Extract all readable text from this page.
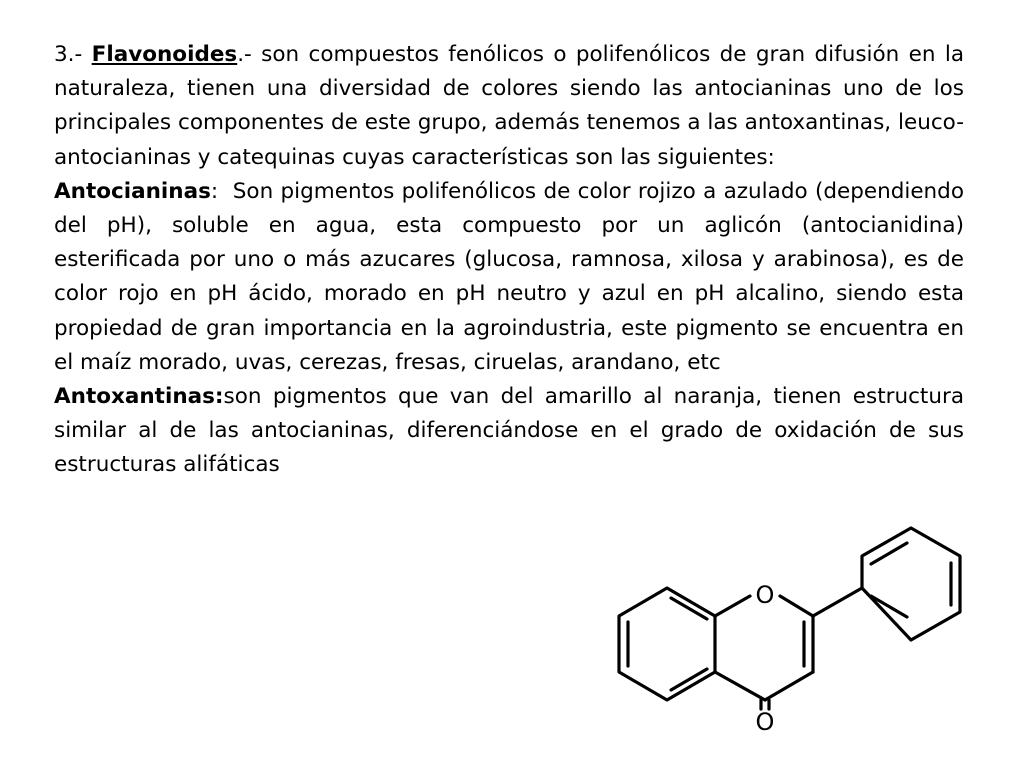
3.- Flavonoides.- son compuestos fenólicos o polifenólicos de gran difusión en la naturaleza, tienen una diversidad de colores siendo las antocianinas uno de los principales componentes de este grupo, además tenemos a las antoxantinas, leuco-antocianinas y catequinas cuyas características son las siguientes:

Antocianinas:  Son pigmentos polifenólicos de color rojizo a azulado (dependiendo del pH), soluble en agua, esta compuesto por un aglicón (antocianidina) esterificada por uno o más azucares (glucosa, ramnosa, xilosa y arabinosa), es de color rojo en pH ácido, morado en pH neutro y azul en pH alcalino, siendo esta propiedad de gran importancia en la agroindustria, este pigmento se encuentra en el maíz morado, uvas, cerezas, fresas, ciruelas, arandano, etc

Antoxantinas:son pigmentos que van del amarillo al naranja, tienen estructura similar al de las antocianinas, diferenciándose en el grado de oxidación de sus estructuras alifáticas

O
O
